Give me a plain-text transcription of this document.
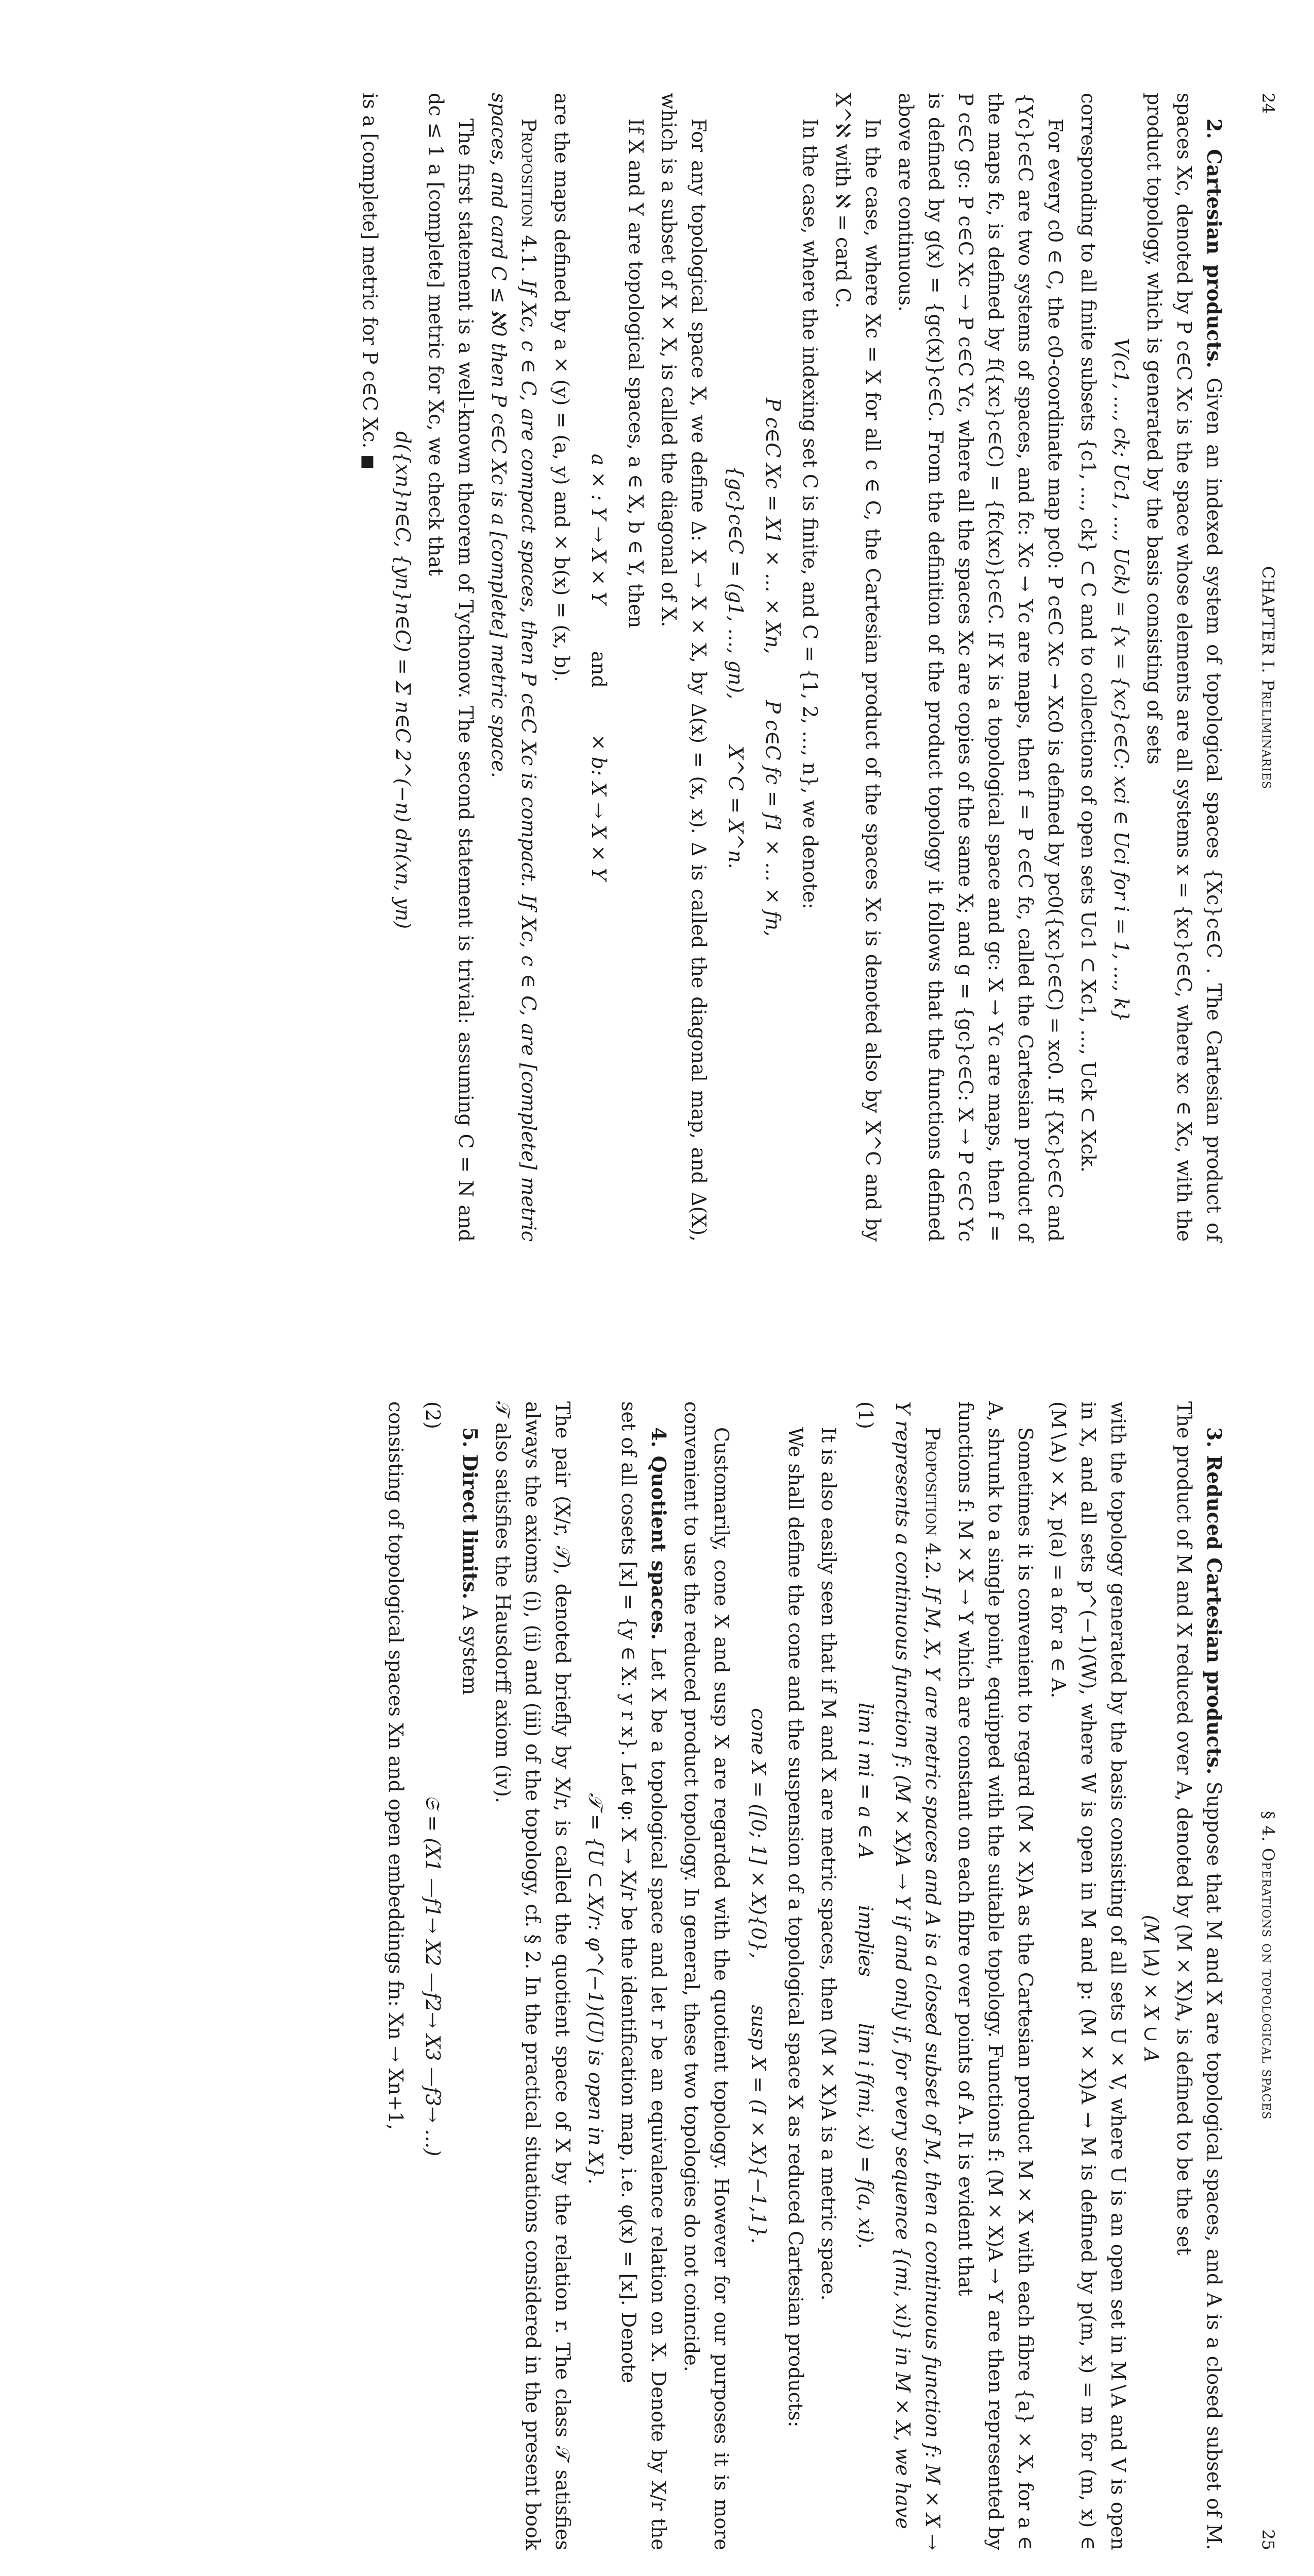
24
CHAPTER I. Preliminaries

2. Cartesian products. Given an indexed system of topological spaces {Xc}c∈C . The Cartesian product of spaces Xc, denoted by P c∈C Xc is the space whose elements are all systems x = {xc}c∈C, where xc ∈ Xc, with the product topology, which is generated by the basis consisting of sets

V(c1, …, ck; Uc1, …, Uck) = {x = {xc}c∈C: xci ∈ Uci for i = 1, …, k}

corresponding to all finite subsets {c1, …, ck} ⊂ C and to collections of open sets Uc1 ⊂ Xc1, …, Uck ⊂ Xck.

For every c0 ∈ C, the c0-coordinate map pc0: P c∈C Xc → Xc0 is defined by pc0({xc}c∈C) = xc0. If {Xc}c∈C and {Yc}c∈C are two systems of spaces, and fc: Xc → Yc are maps, then f = P c∈C fc, called the Cartesian product of the maps fc, is defined by f({xc}c∈C) = {fc(xc)}c∈C. If X is a topological space and gc: X → Yc are maps, then f = P c∈C gc: P c∈C Xc → P c∈C Yc, where all the spaces Xc are copies of the same X; and g = {gc}c∈C: X → P c∈C Yc is defined by g(x) = {gc(x)}c∈C. From the definition of the product topology it follows that the functions defined above are continuous.

In the case, where Xc = X for all c ∈ C, the Cartesian product of the spaces Xc is denoted also by X^C and by X^ℵ with ℵ = card C.

In the case, where the indexing set C is finite, and C = {1, 2, …, n}, we denote:

P c∈C Xc = X1 × … × Xn,
P c∈C fc = f1 × … × fn,
{gc}c∈C = (g1, …, gn),
X^C = X^n.

For any topological space X, we define Δ: X → X × X, by Δ(x) = (x, x). Δ is called the diagonal map, and Δ(X), which is a subset of X × X, is called the diagonal of X.

If X and Y are topological spaces, a ∈ X, b ∈ Y, then

a × : Y → X × Y
and
× b: X → X × Y

are the maps defined by a × (y) = (a, y) and × b(x) = (x, b).

Proposition 4.1. If Xc, c ∈ C, are compact spaces, then P c∈C Xc is compact. If Xc, c ∈ C, are [complete] metric spaces, and card C ≤ ℵ0 then P c∈C Xc is a [complete] metric space.

The first statement is a well-known theorem of Tychonov. The second statement is trivial: assuming C = N and dc ≤ 1 a [complete] metric for Xc, we check that

d({xn}n∈C, {yn}n∈C) = Σ n∈C 2^(−n) dn(xn, yn)

is a [complete] metric for P c∈C Xc. ■

§ 4. Operations on topological spaces
25

3. Reduced Cartesian products. Suppose that M and X are topological spaces, and A is a closed subset of M. The product of M and X reduced over A, denoted by (M × X)A, is defined to be the set

(M∖A) × X ∪ A

with the topology generated by the basis consisting of all sets U × V, where U is an open set in M∖A and V is open in X, and all sets p^(−1)(W), where W is open in M and p: (M × X)A → M is defined by p(m, x) = m for (m, x) ∈ (M∖A) × X, p(a) = a for a ∈ A.

Sometimes it is convenient to regard (M × X)A as the Cartesian product M × X with each fibre {a} × X, for a ∈ A, shrunk to a single point, equipped with the suitable topology. Functions f: (M × X)A → Y are then represented by functions f: M × X → Y which are constant on each fibre over points of A. It is evident that

Proposition 4.2. If M, X, Y are metric spaces and A is a closed subset of M, then a continuous function f: M × X → Y represents a continuous function f: (M × X)A → Y if and only if, for every sequence {(mi, xi)} in M × X, we have

(1)
lim i mi = a ∈ A
implies
lim i f(mi, xi) = f(a, xi).

It is also easily seen that if M and X are metric spaces, then (M × X)A is a metric space.

We shall define the cone and the suspension of a topological space X as reduced Cartesian products:

cone X = ([0; 1] × X){0},
susp X = (I × X){−1,1}.

Customarily, cone X and susp X are regarded with the quotient topology. However for our purposes it is more convenient to use the reduced product topology. In general, these two topologies do not coincide.

4. Quotient spaces. Let X be a topological space and let r be an equivalence relation on X. Denote by X/r the set of all cosets [x] = {y ∈ X: y r x}. Let φ: X → X/r be the identification map, i.e. φ(x) = [x]. Denote

𝒯 = {U ⊂ X/r: φ^(−1)(U) is open in X}.

The pair (X/r, 𝒯), denoted briefly by X/r, is called the quotient space of X by the relation r. The class 𝒯 satisfies always the axioms (i), (ii) and (iii) of the topology, cf. § 2. In the practical situations considered in the present book 𝒯 also satisfies the Hausdorff axiom (iv).

5. Direct limits. A system

(2)
𝔖 = (X1 —f1→ X2 —f2→ X3 —f3→ …)

consisting of topological spaces Xn and open embeddings fn: Xn → Xn+1,
